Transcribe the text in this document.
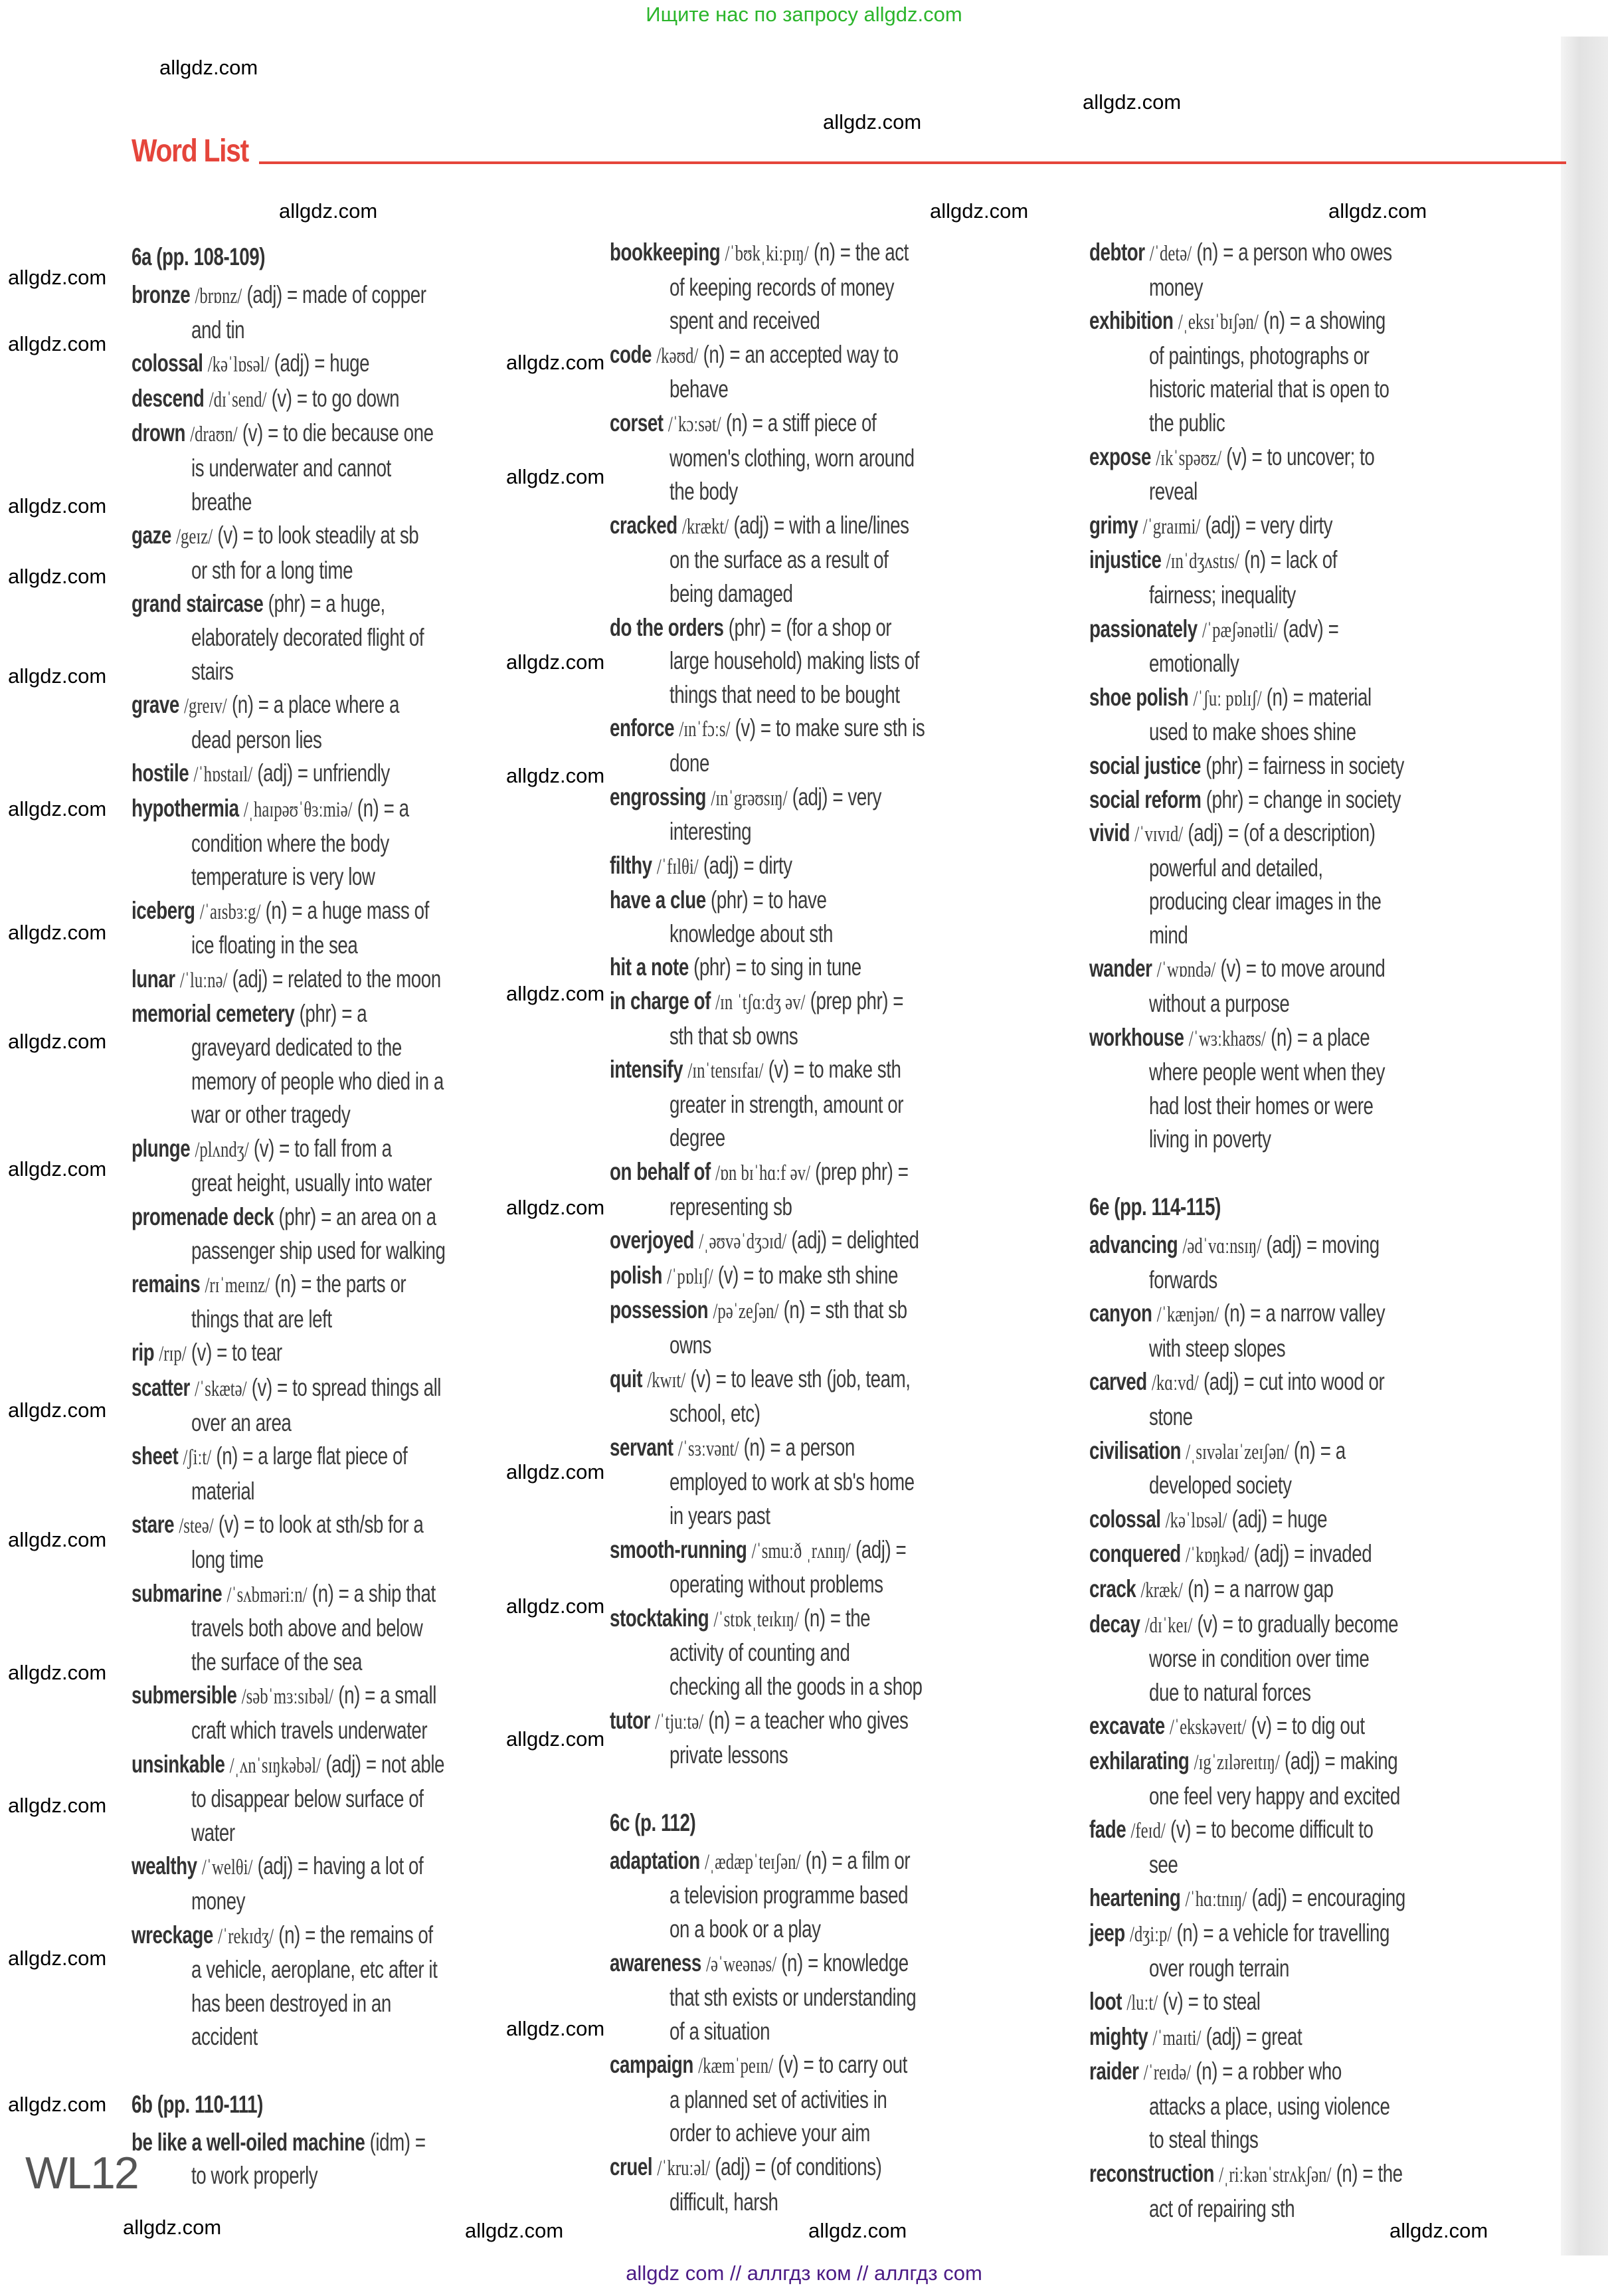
Ищите нас по запросу allgdz.com
Word List
6a (pp. 108-109)
bronze /brɒnz/ (adj) = made of copper
and tin
colossal /kəˈlɒsəl/ (adj) = huge
descend /dɪˈsend/ (v) = to go down
drown /draʊn/ (v) = to die because one
is underwater and cannot
breathe
gaze /geɪz/ (v) = to look steadily at sb
or sth for a long time
grand staircase (phr) = a huge,
elaborately decorated flight of
stairs
grave /greɪv/ (n) = a place where a
dead person lies
hostile /ˈhɒstaɪl/ (adj) = unfriendly
hypothermia /ˌhaɪpəʊˈθɜːmiə/ (n) = a
condition where the body
temperature is very low
iceberg /ˈaɪsbɜːg/ (n) = a huge mass of
ice floating in the sea
lunar /ˈluːnə/ (adj) = related to the moon
memorial cemetery (phr) = a
graveyard dedicated to the
memory of people who died in a
war or other tragedy
plunge /plʌndʒ/ (v) = to fall from a
great height, usually into water
promenade deck (phr) = an area on a
passenger ship used for walking
remains /rɪˈmeɪnz/ (n) = the parts or
things that are left
rip /rɪp/ (v) = to tear
scatter /ˈskætə/ (v) = to spread things all
over an area
sheet /ʃiːt/ (n) = a large flat piece of
material
stare /steə/ (v) = to look at sth/sb for a
long time
submarine /ˈsʌbməriːn/ (n) = a ship that
travels both above and below
the surface of the sea
submersible /səbˈmɜːsɪbəl/ (n) = a small
craft which travels underwater
unsinkable /ˌʌnˈsɪŋkəbəl/ (adj) = not able
to disappear below surface of
water
wealthy /ˈwelθi/ (adj) = having a lot of
money
wreckage /ˈrekɪdʒ/ (n) = the remains of
a vehicle, aeroplane, etc after it
has been destroyed in an
accident
6b (pp. 110-111)
be like a well-oiled machine (idm) =
to work properly
bookkeeping /ˈbʊkˌkiːpɪŋ/ (n) = the act
of keeping records of money
spent and received
code /kəʊd/ (n) = an accepted way to
behave
corset /ˈkɔːsət/ (n) = a stiff piece of
women's clothing, worn around
the body
cracked /krækt/ (adj) = with a line/lines
on the surface as a result of
being damaged
do the orders (phr) = (for a shop or
large household) making lists of
things that need to be bought
enforce /ɪnˈfɔːs/ (v) = to make sure sth is
done
engrossing /ɪnˈgrəʊsɪŋ/ (adj) = very
interesting
filthy /ˈfɪlθi/ (adj) = dirty
have a clue (phr) = to have
knowledge about sth
hit a note (phr) = to sing in tune
in charge of /ɪn ˈtʃɑːdʒ əv/ (prep phr) =
sth that sb owns
intensify /ɪnˈtensɪfaɪ/ (v) = to make sth
greater in strength, amount or
degree
on behalf of /ɒn bɪˈhɑːf əv/ (prep phr) =
representing sb
overjoyed /ˌəʊvəˈdʒɔɪd/ (adj) = delighted
polish /ˈpɒlɪʃ/ (v) = to make sth shine
possession /pəˈzeʃən/ (n) = sth that sb
owns
quit /kwɪt/ (v) = to leave sth (job, team,
school, etc)
servant /ˈsɜːvənt/ (n) = a person
employed to work at sb's home
in years past
smooth-running /ˈsmuːð ˌrʌnɪŋ/ (adj) =
operating without problems
stocktaking /ˈstɒkˌteɪkɪŋ/ (n) = the
activity of counting and
checking all the goods in a shop
tutor /ˈtjuːtə/ (n) = a teacher who gives
private lessons
6c (p. 112)
adaptation /ˌædæpˈteɪʃən/ (n) = a film or
a television programme based
on a book or a play
awareness /əˈweənəs/ (n) = knowledge
that sth exists or understanding
of a situation
campaign /kæmˈpeɪn/ (v) = to carry out
a planned set of activities in
order to achieve your aim
cruel /ˈkruːəl/ (adj) = (of conditions)
difficult, harsh
debtor /ˈdetə/ (n) = a person who owes
money
exhibition /ˌeksɪˈbɪʃən/ (n) = a showing
of paintings, photographs or
historic material that is open to
the public
expose /ɪkˈspəʊz/ (v) = to uncover; to
reveal
grimy /ˈgraɪmi/ (adj) = very dirty
injustice /ɪnˈdʒʌstɪs/ (n) = lack of
fairness; inequality
passionately /ˈpæʃənətli/ (adv) =
emotionally
shoe polish /ˈʃuː pɒlɪʃ/ (n) = material
used to make shoes shine
social justice (phr) = fairness in society
social reform (phr) = change in society
vivid /ˈvɪvɪd/ (adj) = (of a description)
powerful and detailed,
producing clear images in the
mind
wander /ˈwɒndə/ (v) = to move around
without a purpose
workhouse /ˈwɜːkhaʊs/ (n) = a place
where people went when they
had lost their homes or were
living in poverty
6e (pp. 114-115)
advancing /ədˈvɑːnsɪŋ/ (adj) = moving
forwards
canyon /ˈkænjən/ (n) = a narrow valley
with steep slopes
carved /kɑːvd/ (adj) = cut into wood or
stone
civilisation /ˌsɪvəlaɪˈzeɪʃən/ (n) = a
developed society
colossal /kəˈlɒsəl/ (adj) = huge
conquered /ˈkɒŋkəd/ (adj) = invaded
crack /kræk/ (n) = a narrow gap
decay /dɪˈkeɪ/ (v) = to gradually become
worse in condition over time
due to natural forces
excavate /ˈekskəveɪt/ (v) = to dig out
exhilarating /ɪgˈzɪləreɪtɪŋ/ (adj) = making
one feel very happy and excited
fade /feɪd/ (v) = to become difficult to
see
heartening /ˈhɑːtnɪŋ/ (adj) = encouraging
jeep /dʒiːp/ (n) = a vehicle for travelling
over rough terrain
loot /luːt/ (v) = to steal
mighty /ˈmaɪti/ (adj) = great
raider /ˈreɪdə/ (n) = a robber who
attacks a place, using violence
to steal things
reconstruction /ˌriːkənˈstrʌkʃən/ (n) = the
act of repairing sth
WL12
allgdz com // аллгдз ком // аллгдз com
allgdz.com
allgdz.com
allgdz.com
allgdz.com	allgdz.com	allgdz.com
allgdz.com	allgdz.com	allgdz.com	allgdz.com
allgdz.com
allgdz.com
allgdz.com
allgdz.com
allgdz.com
allgdz.com
allgdz.com
allgdz.com
allgdz.com
allgdz.com
allgdz.com
allgdz.com
allgdz.com
allgdz.com
allgdz.com
allgdz.com
allgdz.com
allgdz.com
allgdz.com
allgdz.com
allgdz.com
allgdz.com
allgdz.com
allgdz.com
allgdz.com
